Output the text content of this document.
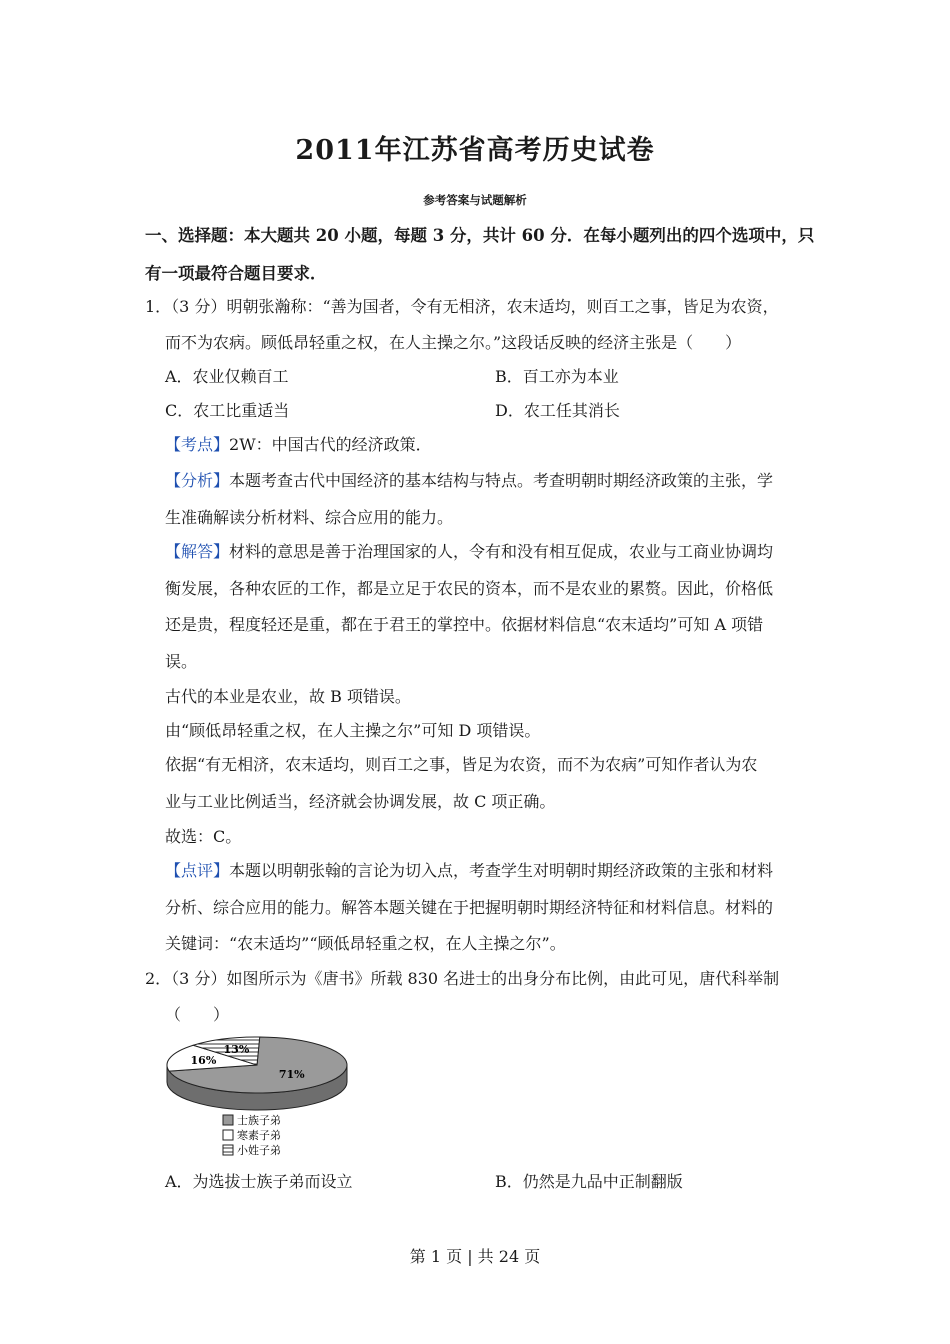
2011年江苏省高考历史试卷
参考答案与试题解析
一、选择题：本大题共 20 小题，每题 3 分，共计 60 分．在每小题列出的四个选项中，只
有一项最符合题目要求．
1．（3 分）明朝张瀚称：“善为国者，令有无相济，农末适均，则百工之事，皆足为农资，
而不为农病。顾低昂轻重之权，在人主操之尔。”这段话反映的经济主张是（　　）
A．农业仅赖百工	B．百工亦为本业
C．农工比重适当	D．农工任其消长
【考点】2W：中国古代的经济政策．
【分析】本题考查古代中国经济的基本结构与特点。考查明朝时期经济政策的主张，学
生准确解读分析材料、综合应用的能力。
【解答】材料的意思是善于治理国家的人，令有和没有相互促成，农业与工商业协调均
衡发展，各种农匠的工作，都是立足于农民的资本，而不是农业的累赘。因此，价格低
还是贵，程度轻还是重，都在于君王的掌控中。依据材料信息“农末适均”可知 A 项错
误。
古代的本业是农业，故 B 项错误。
由“顾低昂轻重之权，在人主操之尔”可知 D 项错误。
依据“有无相济，农末适均，则百工之事，皆足为农资，而不为农病”可知作者认为农
业与工业比例适当，经济就会协调发展，故 C 项正确。
故选：C。
【点评】本题以明朝张翰的言论为切入点，考查学生对明朝时期经济政策的主张和材料
分析、综合应用的能力。解答本题关键在于把握明朝时期经济特征和材料信息。材料的
关键词：“农末适均”“顾低昂轻重之权，在人主操之尔”。
2．（3 分）如图所示为《唐书》所载 830 名进士的出身分布比例，由此可见，唐代科举制
（　　）
71%
16%
13%
士族子弟
寒素子弟
小姓子弟
A．为选拔士族子弟而设立	B．仍然是九品中正制翻版
第 1 页 | 共 24 页
